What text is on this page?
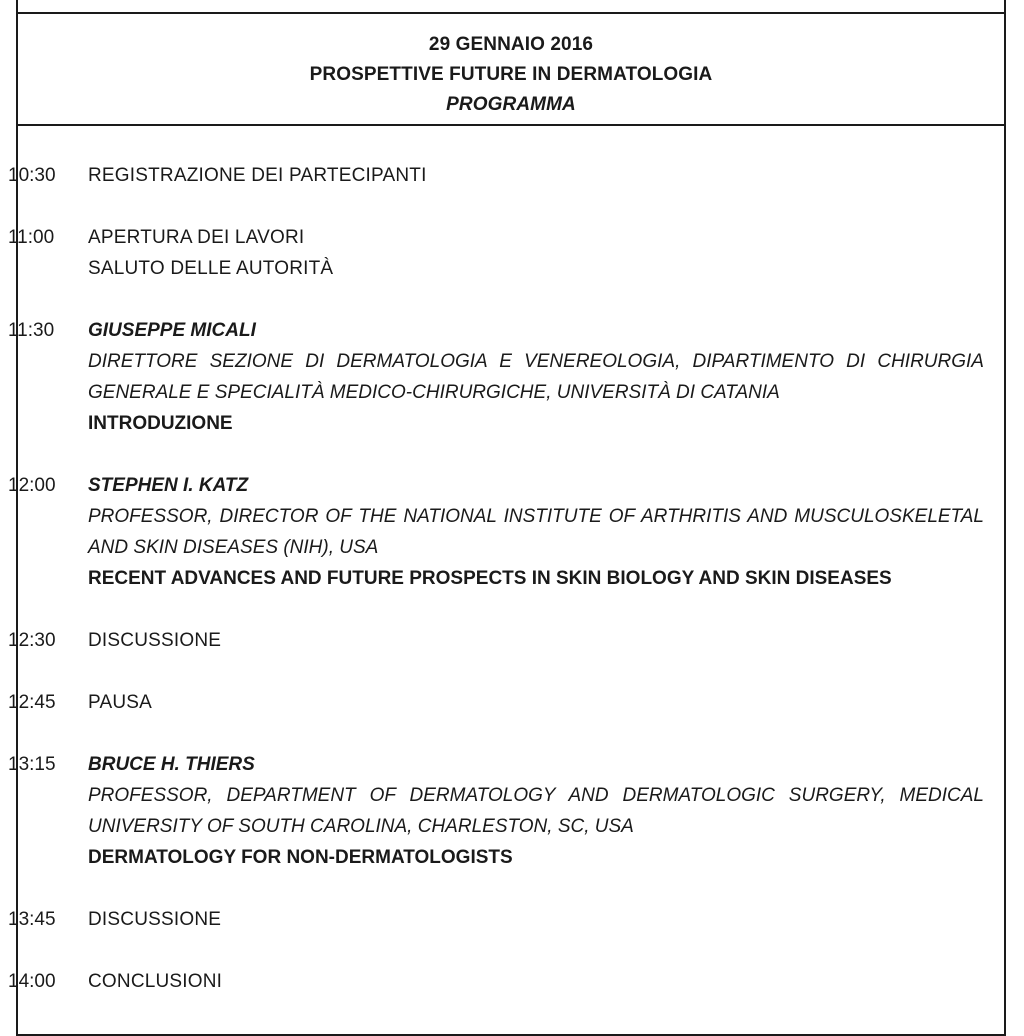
29 GENNAIO 2016
PROSPETTIVE FUTURE IN DERMATOLOGIA
PROGRAMMA
10:30	REGISTRAZIONE DEI PARTECIPANTI
11:00	APERTURA DEI LAVORI
SALUTO DELLE AUTORITÀ
11:30	GIUSEPPE MICALI
DIRETTORE SEZIONE DI DERMATOLOGIA E VENEREOLOGIA, DIPARTIMENTO DI CHIRURGIA GENERALE E SPECIALITÀ MEDICO-CHIRURGICHE, UNIVERSITÀ DI CATANIA
INTRODUZIONE
12:00	STEPHEN I. KATZ
PROFESSOR, DIRECTOR OF THE NATIONAL INSTITUTE OF ARTHRITIS AND MUSCULOSKELETAL AND SKIN DISEASES (NIH), USA
RECENT ADVANCES AND FUTURE PROSPECTS IN SKIN BIOLOGY AND SKIN DISEASES
12:30	DISCUSSIONE
12:45	PAUSA
13:15	BRUCE H. THIERS
PROFESSOR, DEPARTMENT OF DERMATOLOGY AND DERMATOLOGIC SURGERY, MEDICAL UNIVERSITY OF SOUTH CAROLINA, CHARLESTON, SC, USA
DERMATOLOGY FOR NON-DERMATOLOGISTS
13:45	DISCUSSIONE
14:00	CONCLUSIONI
